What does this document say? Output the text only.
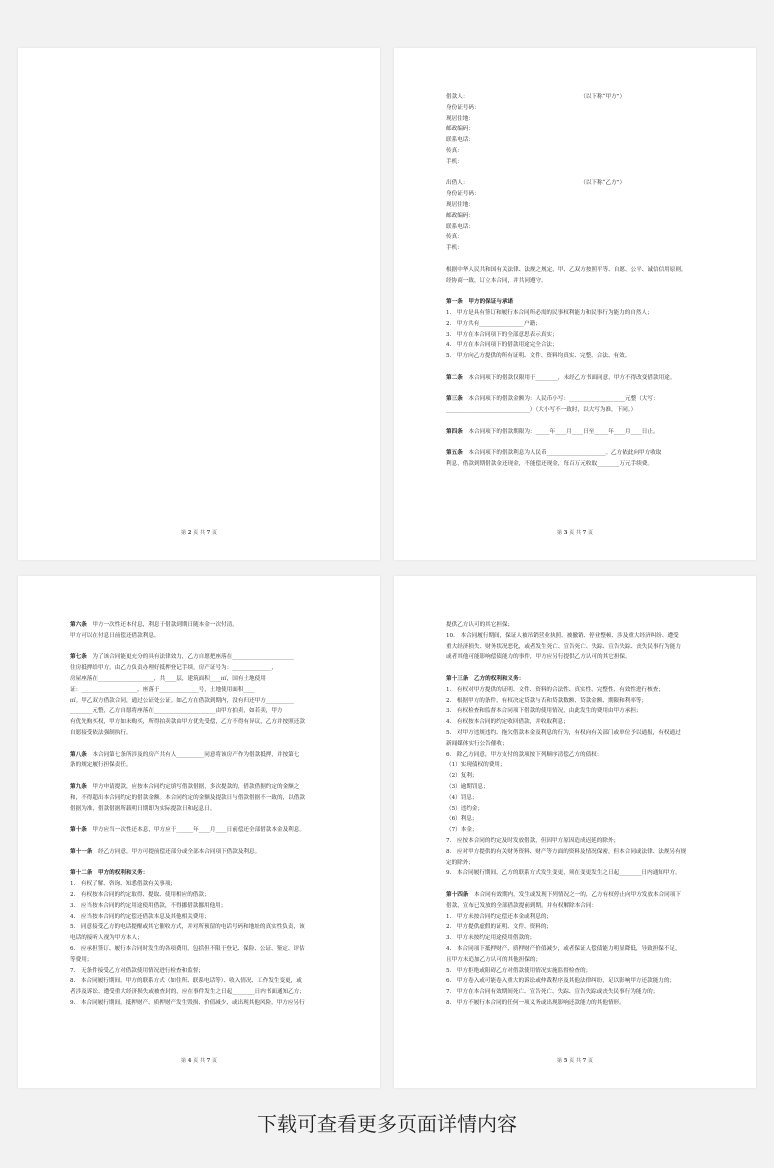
第 2 页 共 7 页
借款人：　　　　　　　　　　　　　　　　　　　　　（以下称“甲方”）
身份证号码：
现居住地：
邮政编码：
联系电话：
传真：
手机：
出借人：　　　　　　　　　　　　　　　　　　　　　（以下称“乙方”）
身份证号码：
现居住地：
邮政编码：
联系电话：
传真：
手机：
根据中华人民共和国有关法律、法规之规定，甲、乙双方按照平等、自愿、公平、诚信信用原则，
经协商一致，订立本合同，并共同遵守。
第一条　甲方的保证与承诺
1.　甲方是具有签订和履行本合同所必需的民事权利能力和民事行为能力的自然人；
2.　甲方共有________________户籍；
3.　甲方在本合同项下的全部意思表示真实；
4.　甲方在本合同项下的借款用途完全合法；
5.　甲方向乙方提供的所有证明、文件、资料均真实、完整、合法、有效。
第二条　本合同项下的借款仅限用于________，未经乙方书面同意，甲方不得改变借款用途。
第三条　本合同项下的借款金额为：人民币小写：____________________元整（大写：
______________________________）（大小写不一致时，以大写为准，下同。）
第四条　本合同项下的借款期限为：_____年____月____日至_____年____月____日止。
第五条　本合同项下的借款利息为人民币_____________________。乙方依此向甲方收取
利息，借款到期借款金还现金，不能偿还现金，每百万元收取________万元手续费。
第 3 页 共 7 页
第六条　甲方一次性还本付息，利息于借款到期日随本金一次付清。
甲方可以在付息日前偿还借款利息。
第七条　为了该合同能更充分的具有法律效力，乙方自愿把座落在______________________
住房抵押给甲方，由乙方负责办理好抵押登记手续，房产证号为：______________，
房屋座落在____________________，共____层，建筑面积____㎡，国有土地使用
证：____________________，座落于______________号，土地使用面积____
㎡。甲乙双方借款合同，通过公证处公证。如乙方在借款到期内，没有归还甲方__________
________元整，乙方自愿将座落在______________________由甲方拍卖，如若卖，甲方
有优先购买权，甲方如未购买，所得拍卖款由甲方优先受偿，乙方不得有异议，乙方并按照还款
自愿接受依法强制执行。
第八条　本合同第七条所涉及的房产共有人__________同意将该房产作为借款抵押，并按第七
条的规定履行担保责任。
第九条　甲方申请提款，应按本合同约定填写借款借据，多次提款的，借款借据约定的金额之
和，不得超出本合同约定的借款金额。本合同约定的金额及提款日与借款借据不一致的，以借款
借据为准，借款借据所载明日期即为实际提款日和起息日。
第十条　甲方应当一次性还本息，甲方应于______年____月____日前偿还全部借款本金及利息。
第十一条　经乙方同意，甲方可提前偿还部分或全部本合同项下借款及利息。
第十二条　甲方的权利和义务：
1.　有权了解、咨询、知悉借款有关事项；
2.　有权按本合同的约定取得、提取、使用相应的借款；
3.　应当按本合同的约定用途使用借款，不得挪借款挪用他用；
4.　应当按本合同的约定偿还借款本息及其他相关费用；
5.　同意接受乙方的电话提醒或其它催收方式，并对所预留的电话号码和地址的真实性负责，该
电话的接听人视为甲方本人；
6.　应承担签订、履行本合同时发生的各项费用，包括但不限于登记、保险、公证、鉴定、评估
等费用；
7.　无条件接受乙方对借款使用情况进行检查和监督；
8.　本合同履行期间，甲方的联系方式（如住所、联系电话等）、收入情况、工作发生变更，或
者涉及诉讼、遭受重大经济损失或被查封的，应在事件发生之日起________日内书面通知乙方；
9.　本合同履行期间，抵押财产、质押财产发生毁损、价值减少，或出现其他风险，甲方应另行
第 4 页 共 7 页
提供乙方认可的其它担保；
10.　本合同履行期间，保证人被吊销营业执照、被撤销、停业整顿、涉及重大经济纠纷、遭受
重大经济损失、财务状况恶化，或者发生死亡、宣告死亡、失踪、宣告失踪、丧失民事行为能力
或者其他可能影响偿债能力的事件，甲方应另行提供乙方认可的其它担保。
第十三条　乙方的权利和义务：
1.　有权对甲方提供的证明、文件、资料的合法性、真实性、完整性、有效性进行核查；
2.　根据甲方的条件，有权决定贷款与否和贷款数额、贷款金额、期限和利率等；
3.　有权检查和监督本合同项下借款的使用情况，由此发生的费用由甲方承担；
4.　有权按本合同的约定收回借款，并收取利息；
5.　对甲方违规违约、拖欠借款本金及利息的行为，有权向有关部门或单位予以通报，有权通过
新闻媒体实行公告催收；
6.　除乙方同意，甲方支付的款项按下列顺序清偿乙方的债权：
（1）实现债权的费用；
（2）复利；
（3）逾期罚息；
（4）罚息；
（5）违约金；
（6）利息；
（7）本金；
7.　应按本合同的约定及时发放借款，但因甲方原因造成迟延的除外；
8.　应对甲方提供的有关财务资料、财产等方面的资料及情况保密，但本合同或法律、法规另有规
定的除外；
9.　本合同履行期间，乙方的联系方式发生变更，须在变更发生之日起________日内通知甲方。
第十四条　本合同有效期内，发生或发现下列情况之一的，乙方有权停止向甲方发放本合同项下
借款，宣布已发放的全部借款提前到期，并有权解除本合同：
1.　甲方未按合同约定偿还本金或利息的；
2.　甲方提供虚假的证明、文件、资料的；
3.　甲方未按约定用途使用借款的；
4.　本合同项下抵押财产、质押财产价值减少，或者保证人偿债能力明显降低，导致担保不足，
且甲方未追加乙方认可的其他担保的；
5.　甲方拒绝或阻碍乙方对借款使用情况实施监督检查的；
6.　甲方卷入或可能卷入重大的诉讼或仲裁程序及其他法律纠纷，足以影响甲方还款能力的；
7.　甲方在本合同有效期间死亡、宣告死亡、失踪、宣告失踪或丧失民事行为能力的；
8.　甲方不履行本合同的任何一项义务或出现影响还款能力的其他情形。
第 5 页 共 7 页
下载可查看更多页面详情内容
